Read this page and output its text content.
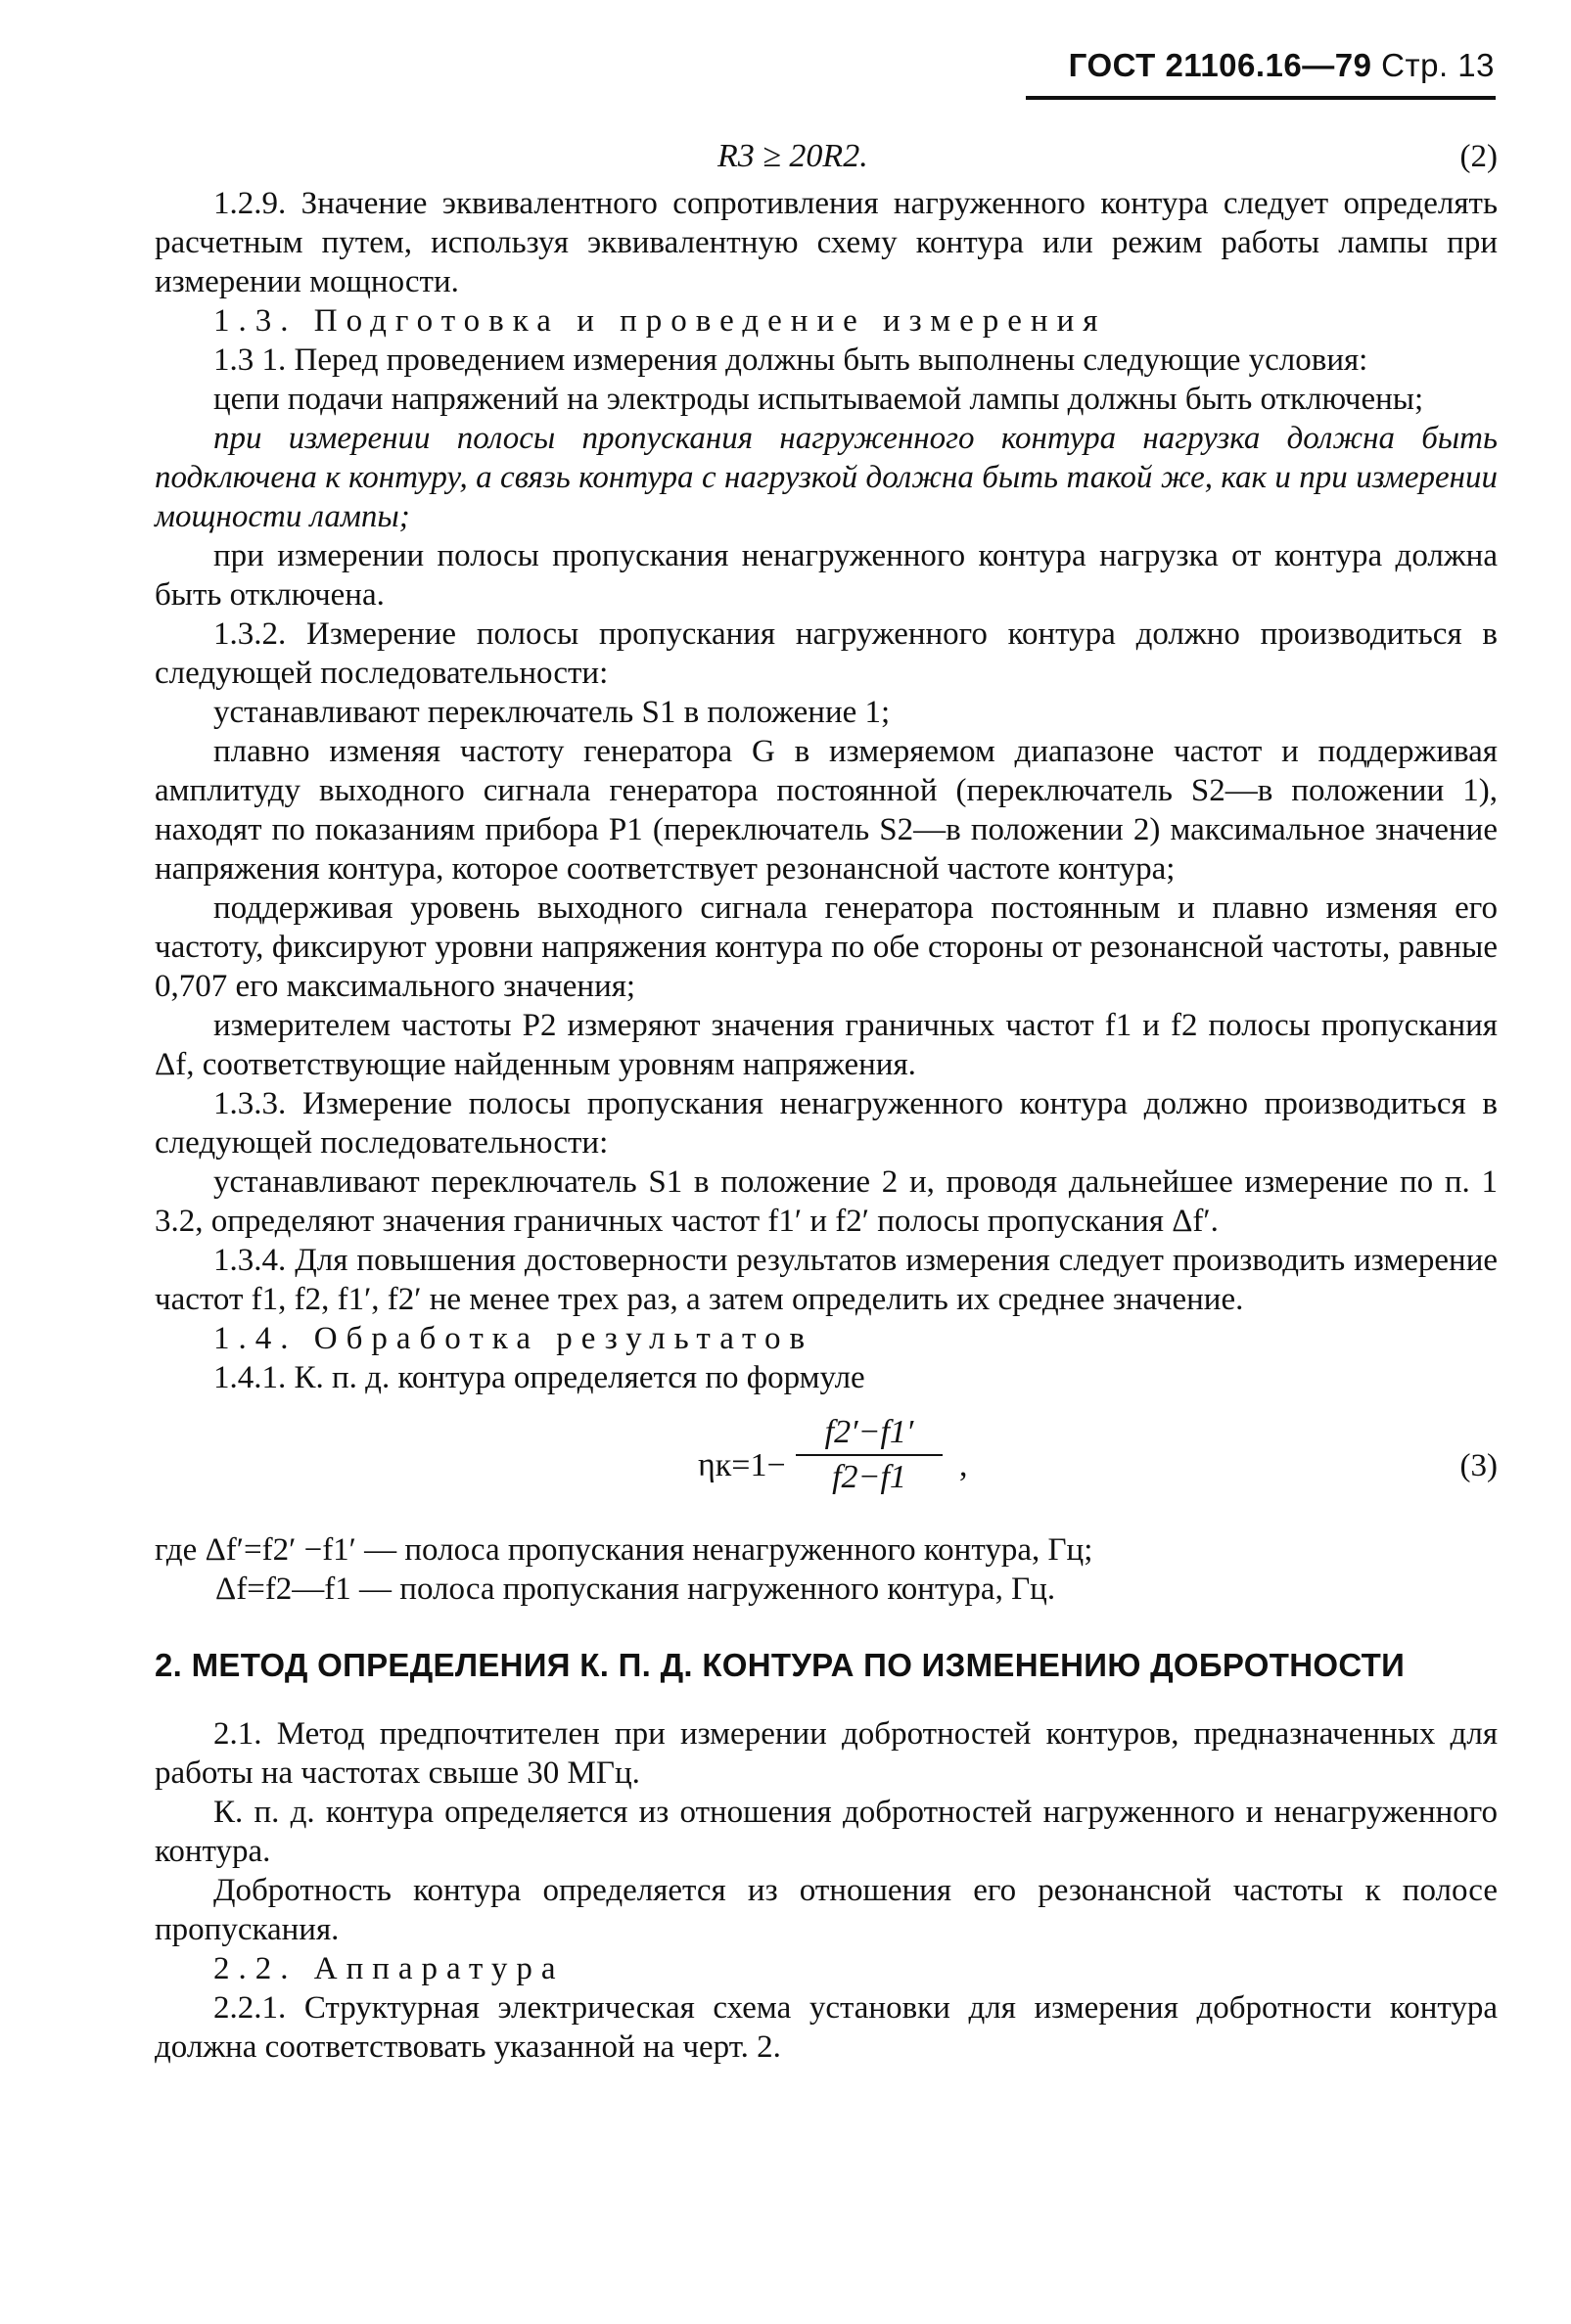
ГОСТ 21106.16—79 Стр. 13
R3 ≥ 20R2.	(2)

1.2.9. Значение эквивалентного сопротивления нагруженного контура следует определять расчетным путем, используя эквивалентную схему контура или режим работы лампы при измерении мощности.

1.3. Подготовка и проведение измерения

1.3 1. Перед проведением измерения должны быть выполнены следующие условия:

цепи подачи напряжений на электроды испытываемой лампы должны быть отключены;

при измерении полосы пропускания нагруженного контура нагрузка должна быть подключена к контуру, а связь контура с нагрузкой должна быть такой же, как и при измерении мощности лампы;

при измерении полосы пропускания ненагруженного контура нагрузка от контура должна быть отключена.

1.3.2. Измерение полосы пропускания нагруженного контура должно производиться в следующей последовательности:

устанавливают переключатель S1 в положение 1;

плавно изменяя частоту генератора G в измеряемом диапазоне частот и поддерживая амплитуду выходного сигнала генератора постоянной (переключатель S2—в положении 1), находят по показаниям прибора P1 (переключатель S2—в положении 2) максимальное значение напряжения контура, которое соответствует резонансной частоте контура;

поддерживая уровень выходного сигнала генератора постоянным и плавно изменяя его частоту, фиксируют уровни напряжения контура по обе стороны от резонансной частоты, равные 0,707 его максимального значения;

измерителем частоты P2 измеряют значения граничных частот f1 и f2 полосы пропускания Δf, соответствующие найденным уровням напряжения.

1.3.3. Измерение полосы пропускания ненагруженного контура должно производиться в следующей последовательности:

устанавливают переключатель S1 в положение 2 и, проводя дальнейшее измерение по п. 1 3.2, определяют значения граничных частот f1′ и f2′ полосы пропускания Δf′.

1.3.4. Для повышения достоверности результатов измерения следует производить измерение частот f1, f2, f1′, f2′ не менее трех раз, а затем определить их среднее значение.

1.4. Обработка результатов

1.4.1. К. п. д. контура определяется по формуле

ηк=1−
f2′−f1′
f2−f1	,	(3)

где Δf′=f2′ −f1′ — полоса пропускания ненагруженного контура, Гц;

Δf=f2—f1 — полоса пропускания нагруженного контура, Гц.

2. МЕТОД ОПРЕДЕЛЕНИЯ К. П. Д. КОНТУРА ПО ИЗМЕНЕНИЮ ДОБРОТНОСТИ

2.1. Метод предпочтителен при измерении добротностей контуров, предназначенных для работы на частотах свыше 30 МГц.

К. п. д. контура определяется из отношения добротностей нагруженного и ненагруженного контура.

Добротность контура определяется из отношения его резонансной частоты к полосе пропускания.

2.2. Аппаратура

2.2.1. Структурная электрическая схема установки для измерения добротности контура должна соответствовать указанной на черт. 2.
